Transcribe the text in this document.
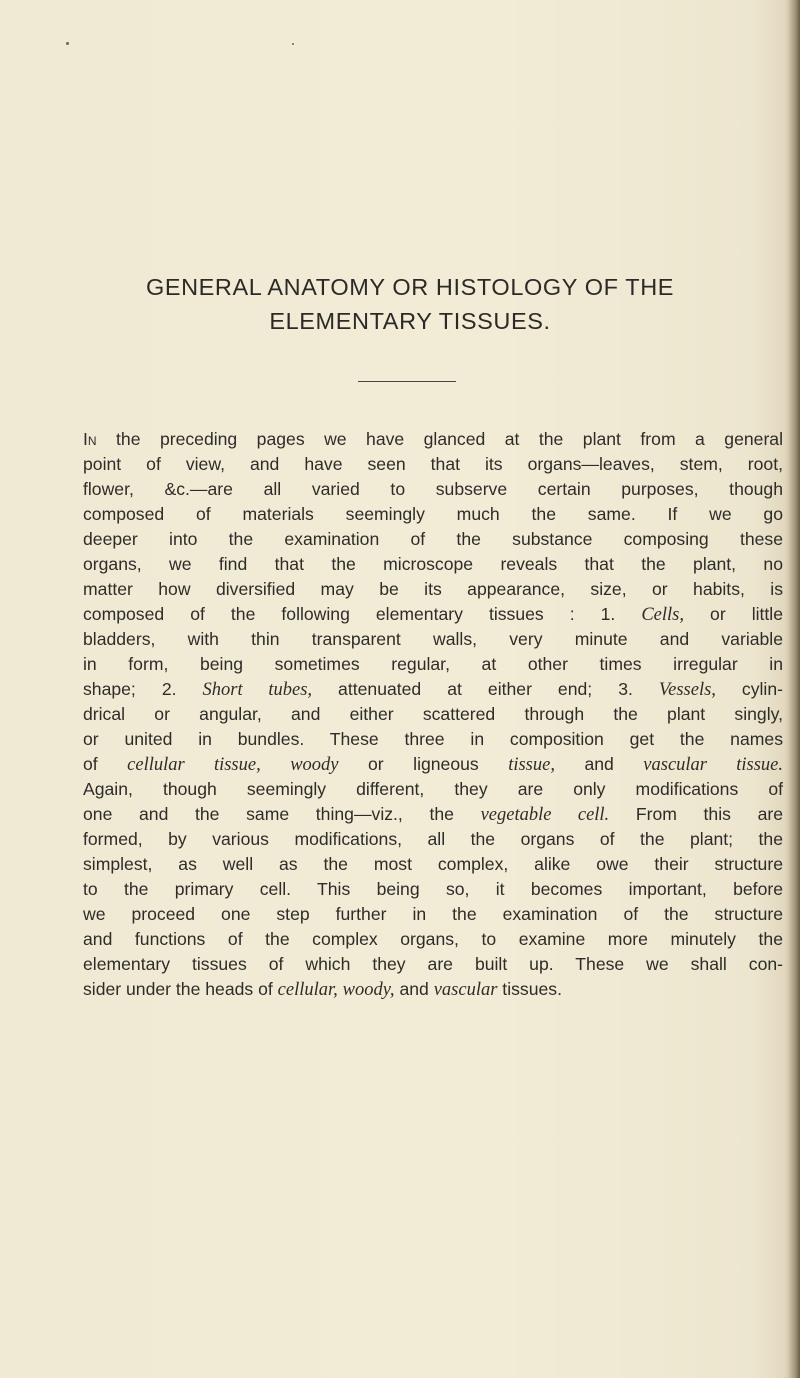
GENERAL ANATOMY OR HISTOLOGY OF THE
ELEMENTARY TISSUES.
In the preceding pages we have glanced at the plant from a general
point of view, and have seen that its organs—leaves, stem, root,
flower, &c.—are all varied to subserve certain purposes, though
composed of materials seemingly much the same. If we go
deeper into the examination of the substance composing these
organs, we find that the microscope reveals that the plant, no
matter how diversified may be its appearance, size, or habits, is
composed of the following elementary tissues : 1. Cells, or little
bladders, with thin transparent walls, very minute and variable
in form, being sometimes regular, at other times irregular in
shape; 2. Short tubes, attenuated at either end; 3. Vessels, cylin-
drical or angular, and either scattered through the plant singly,
or united in bundles. These three in composition get the names
of cellular tissue, woody or ligneous tissue, and vascular tissue.
Again, though seemingly different, they are only modifications of
one and the same thing—viz., the vegetable cell. From this are
formed, by various modifications, all the organs of the plant; the
simplest, as well as the most complex, alike owe their structure
to the primary cell. This being so, it becomes important, before
we proceed one step further in the examination of the structure
and functions of the complex organs, to examine more minutely the
elementary tissues of which they are built up. These we shall con-
sider under the heads of cellular, woody, and vascular tissues.
